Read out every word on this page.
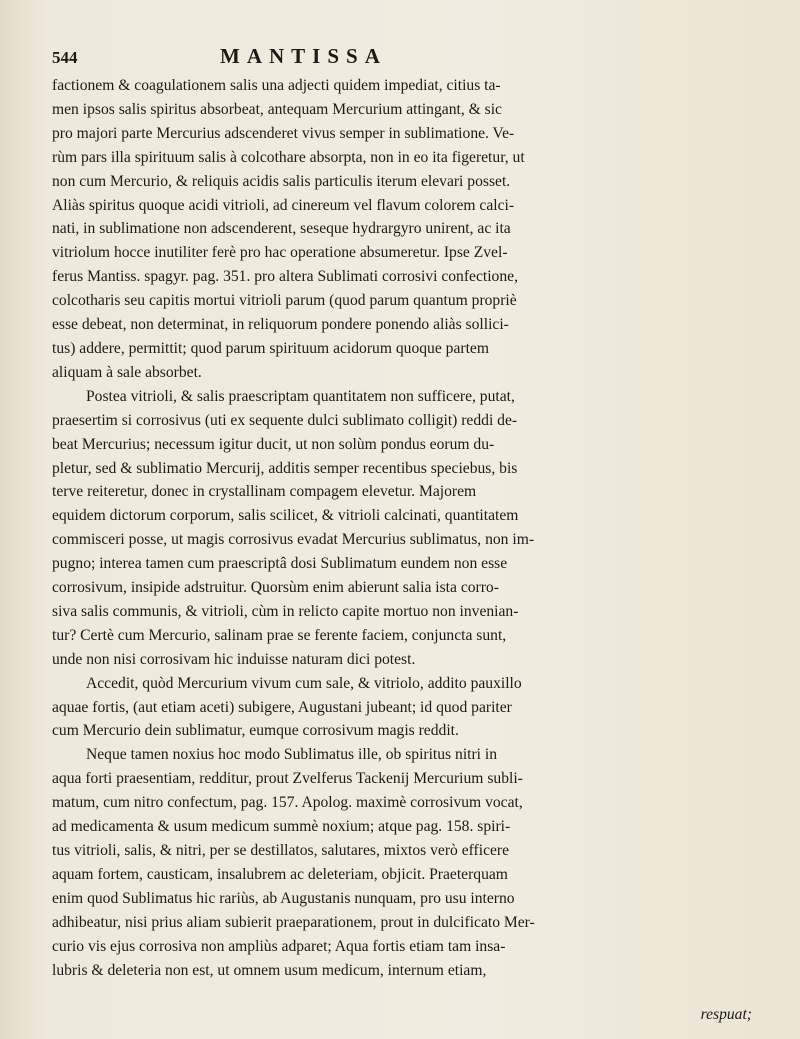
544	MANTISSA
factionem & coagulationem salis una adjecti quidem impediat, citius ta-
men ipsos salis spiritus absorbeat, antequam Mercurium attingant, & sic
pro majori parte Mercurius adscenderet vivus semper in sublimatione. Ve-
rùm pars illa spirituum salis à colcothare absorpta, non in eo ita figeretur, ut
non cum Mercurio, & reliquis acidis salis particulis iterum elevari posset.
Aliàs spiritus quoque acidi vitrioli, ad cinereum vel flavum colorem calci-
nati, in sublimatione non adscenderent, seseque hydrargyro unirent, ac ita
vitriolum hocce inutiliter ferè pro hac operatione absumeretur. Ipse Zvel-
ferus Mantiss. spagyr. pag. 351. pro altera Sublimati corrosivi confectione,
colcotharis seu capitis mortui vitrioli parum (quod parum quantum propriè
esse debeat, non determinat, in reliquorum pondere ponendo aliàs sollici-
tus) addere, permittit; quod parum spirituum acidorum quoque partem
aliquam à sale absorbet.
Postea vitrioli, & salis praescriptam quantitatem non sufficere, putat,
praesertim si corrosivus (uti ex sequente dulci sublimato colligit) reddi de-
beat Mercurius; necessum igitur ducit, ut non solùm pondus eorum du-
pletur, sed & sublimatio Mercurij, additis semper recentibus speciebus, bis
terve reiteretur, donec in crystallinam compagem elevetur. Majorem
equidem dictorum corporum, salis scilicet, & vitrioli calcinati, quantitatem
commisceri posse, ut magis corrosivus evadat Mercurius sublimatus, non im-
pugno; interea tamen cum praescriptâ dosi Sublimatum eundem non esse
corrosivum, insipide adstruitur. Quorsùm enim abierunt salia ista corro-
siva salis communis, & vitrioli, cùm in relicto capite mortuo non invenian-
tur? Certè cum Mercurio, salinam prae se ferente faciem, conjuncta sunt,
unde non nisi corrosivam hic induisse naturam dici potest.
Accedit, quòd Mercurium vivum cum sale, & vitriolo, addito pauxillo
aquae fortis, (aut etiam aceti) subigere, Augustani jubeant; id quod pariter
cum Mercurio dein sublimatur, eumque corrosivum magis reddit.
Neque tamen noxius hoc modo Sublimatus ille, ob spiritus nitri in
aqua forti praesentiam, redditur, prout Zvelferus Tackenij Mercurium subli-
matum, cum nitro confectum, pag. 157. Apolog. maximè corrosivum vocat,
ad medicamenta & usum medicum summè noxium; atque pag. 158. spiri-
tus vitrioli, salis, & nitri, per se destillatos, salutares, mixtos verò efficere
aquam fortem, causticam, insalubrem ac deleteriam, objicit. Praeterquam
enim quod Sublimatus hic rariùs, ab Augustanis nunquam, pro usu interno
adhibeatur, nisi prius aliam subierit praeparationem, prout in dulcificato Mer-
curio vis ejus corrosiva non ampliùs adparet; Aqua fortis etiam tam insa-
lubris & deleteria non est, ut omnem usum medicum, internum etiam,
respuat;
